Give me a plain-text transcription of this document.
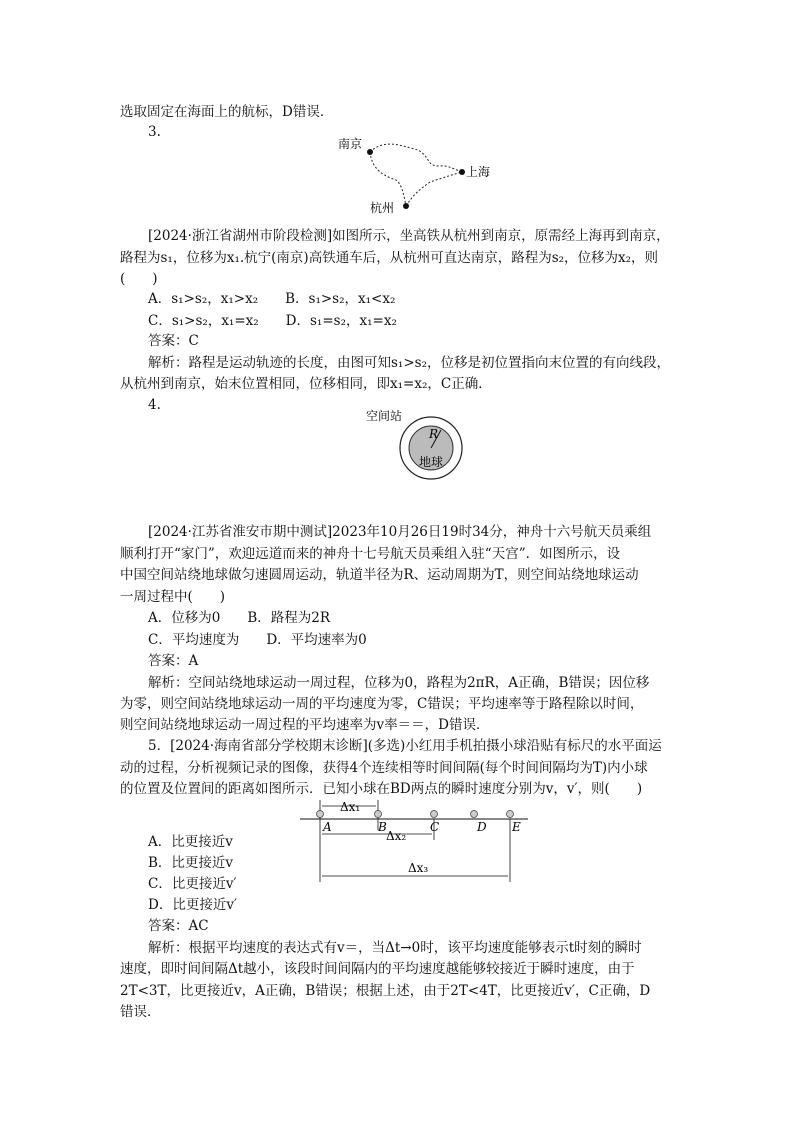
选取固定在海面上的航标，D错误．
3.
南京
上海
杭州
[2024·浙江省湖州市阶段检测]如图所示，坐高铁从杭州到南京，原需经上海再到南京，
路程为s₁，位移为x₁.杭宁(南京)高铁通车后，从杭州可直达南京，路程为s₂，位移为x₂，则
(　　)
A．s₁>s₂，x₁>x₂　　B．s₁>s₂，x₁<x₂
C．s₁>s₂，x₁=x₂　　D．s₁=s₂，x₁=x₂
答案：C
解析：路程是运动轨迹的长度，由图可知s₁>s₂，位移是初位置指向末位置的有向线段，
从杭州到南京，始末位置相同，位移相同，即x₁=x₂，C正确．
4.
空间站
R
地球
[2024·江苏省淮安市期中测试]2023年10月26日19时34分，神舟十六号航天员乘组
顺利打开“家门”，欢迎远道而来的神舟十七号航天员乘组入驻“天宫”．如图所示，设
中国空间站绕地球做匀速圆周运动，轨道半径为R、运动周期为T，则空间站绕地球运动
一周过程中(　　)
A．位移为0　　B．路程为2R
C．平均速度为　　D．平均速率为0
答案：A
解析：空间站绕地球运动一周过程，位移为0，路程为2πR，A正确，B错误；因位移
为零，则空间站绕地球运动一周的平均速度为零，C错误；平均速率等于路程除以时间，
则空间站绕地球运动一周过程的平均速率为v率＝＝，D错误．
5．[2024·海南省部分学校期末诊断](多选)小红用手机拍摄小球沿贴有标尺的水平面运
动的过程，分析视频记录的图像，获得4个连续相等时间间隔(每个时间间隔均为T)内小球
的位置及位置间的距离如图所示．已知小球在BD两点的瞬时速度分别为v，v′，则(　　)
Δx₁
A	B	C	D E
Δx₂
Δx₃
A．比更接近v
B．比更接近v
C．比更接近v′
D．比更接近v′
答案：AC
解析：根据平均速度的表达式有v＝，当Δt→0时，该平均速度能够表示t时刻的瞬时
速度，即时间间隔Δt越小，该段时间间隔内的平均速度越能够较接近于瞬时速度，由于
2T<3T，比更接近v，A正确，B错误；根据上述，由于2T<4T，比更接近v′，C正确，D
错误．
